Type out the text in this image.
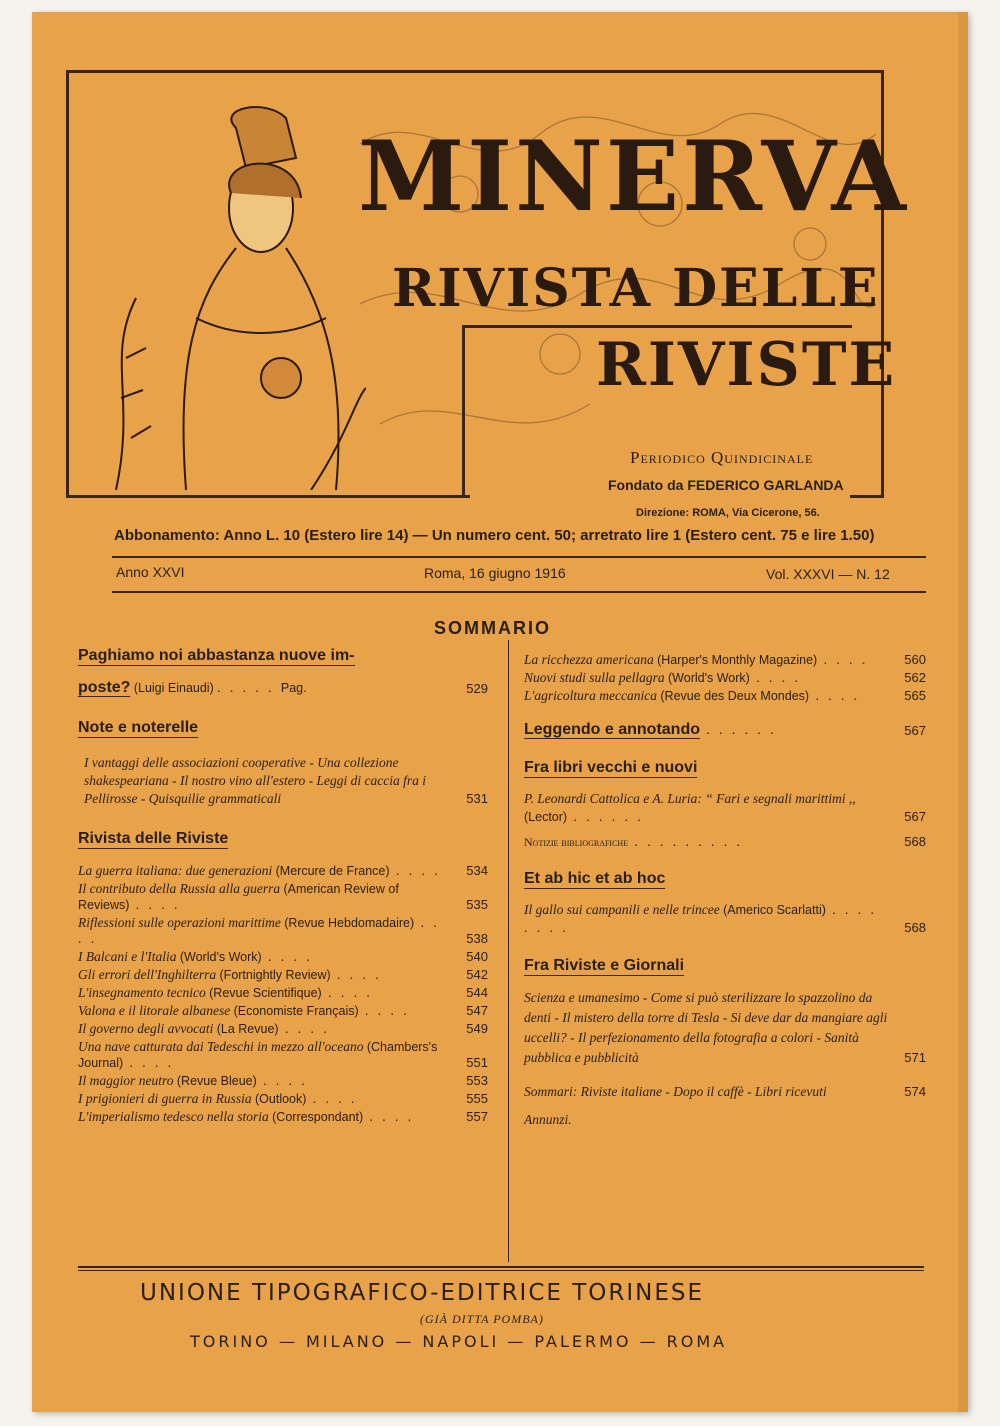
MINERVA
RIVISTA DELLE
RIVISTE
Periodico Quindicinale
Fondato da FEDERICO GARLANDA
Direzione: ROMA, Via Cicerone, 56.
Abbonamento: Anno L. 10 (Estero lire 14) — Un numero cent. 50; arretrato lire 1 (Estero cent. 75 e lire 1.50)
Anno XXVI	Roma, 16 giugno 1916	Vol. XXXVI — N. 12
SOMMARIO
Paghiamo noi abbastanza nuove im-
poste? (Luigi Einaudi) . . . . . Pag.	529
Note e noterelle
I vantaggi delle associazioni cooperative - Una collezione shakespeariana - Il nostro vino all'estero - Leggi di caccia fra i Pellirosse - Quisquilie grammaticali	531
Rivista delle Riviste
La guerra italiana: due generazioni (Mercure de France) . . . .	534
Il contributo della Russia alla guerra (American Review of Reviews) . . . .	535
Riflessioni sulle operazioni marittime (Revue Hebdomadaire) . . . .	538
I Balcani e l'Italia (World's Work) . . . .	540
Gli errori dell'Inghilterra (Fortnightly Review) . . . .	542
L'insegnamento tecnico (Revue Scientifique) . . . .	544
Valona e il litorale albanese (Economiste Français) . . . .	547
Il governo degli avvocati (La Revue) . . . .	549
Una nave catturata dai Tedeschi in mezzo all'oceano (Chambers's Journal) . . . .	551
Il maggior neutro (Revue Bleue) . . . .	553
I prigionieri di guerra in Russia (Outlook) . . . .	555
L'imperialismo tedesco nella storia (Correspondant) . . . .	557
La ricchezza americana (Harper's Monthly Magazine) . . . .	560
Nuovi studi sulla pellagra (World's Work) . . . .	562
L'agricoltura meccanica (Revue des Deux Mondes) . . . .	565
Leggendo e annotando . . . . . .	567
Fra libri vecchi e nuovi
P. Leonardi Cattolica e A. Luria: “ Fari e segnali marittimi ,, (Lector) . . . . . .	567
Notizie bibliografiche . . . . . . . . .	568
Et ab hic et ab hoc
Il gallo sui campanili e nelle trincee (Americo Scarlatti) . . . . . . . .	568
Fra Riviste e Giornali
Scienza e umanesimo - Come si può sterilizzare lo spazzolino da denti - Il mistero della torre di Tesla - Si deve dar da mangiare agli uccelli? - Il perfezionamento della fotografia a colori - Sanità pubblica e pubblicità	571
Sommari: Riviste italiane - Dopo il caffè - Libri ricevuti	574
Annunzi.
UNIONE TIPOGRAFICO-EDITRICE TORINESE
(GIÀ DITTA POMBA)
TORINO — MILANO — NAPOLI — PALERMO — ROMA
